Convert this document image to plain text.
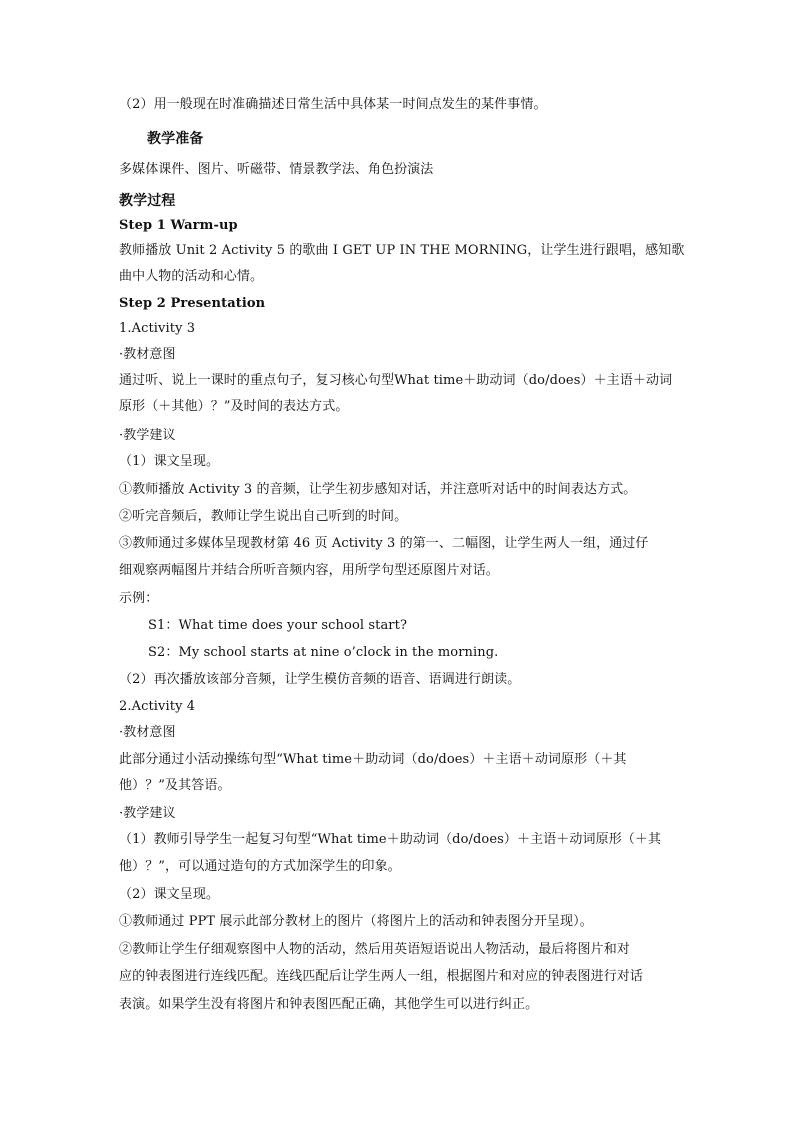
（2）用一般现在时准确描述日常生活中具体某一时间点发生的某件事情。
教学准备
多媒体课件、图片、听磁带、情景教学法、角色扮演法
教学过程
Step 1 Warm-up
教师播放 Unit 2 Activity 5 的歌曲 I GET UP IN THE MORNING，让学生进行跟唱，感知歌
曲中人物的活动和心情。
Step 2 Presentation
1.Activity 3
·教材意图
通过听、说上一课时的重点句子，复习核心句型What time＋助动词（do/does）＋主语＋动词
原形（＋其他）？”及时间的表达方式。
·教学建议
（1）课文呈现。
①教师播放 Activity 3 的音频，让学生初步感知对话，并注意听对话中的时间表达方式。
②听完音频后，教师让学生说出自己听到的时间。
③教师通过多媒体呈现教材第 46 页 Activity 3 的第一、二幅图，让学生两人一组，通过仔
细观察两幅图片并结合所听音频内容，用所学句型还原图片对话。
示例：
S1：What time does your school start?
S2：My school starts at nine o’clock in the morning.
（2）再次播放该部分音频，让学生模仿音频的语音、语调进行朗读。
2.Activity 4
·教材意图
此部分通过小活动操练句型“What time＋助动词（do/does）＋主语＋动词原形（＋其
他）？”及其答语。
·教学建议
（1）教师引导学生一起复习句型“What time＋助动词（do/does）＋主语＋动词原形（＋其
他）？”，可以通过造句的方式加深学生的印象。
（2）课文呈现。
①教师通过 PPT 展示此部分教材上的图片（将图片上的活动和钟表图分开呈现）。
②教师让学生仔细观察图中人物的活动，然后用英语短语说出人物活动，最后将图片和对
应的钟表图进行连线匹配。连线匹配后让学生两人一组，根据图片和对应的钟表图进行对话
表演。如果学生没有将图片和钟表图匹配正确，其他学生可以进行纠正。
